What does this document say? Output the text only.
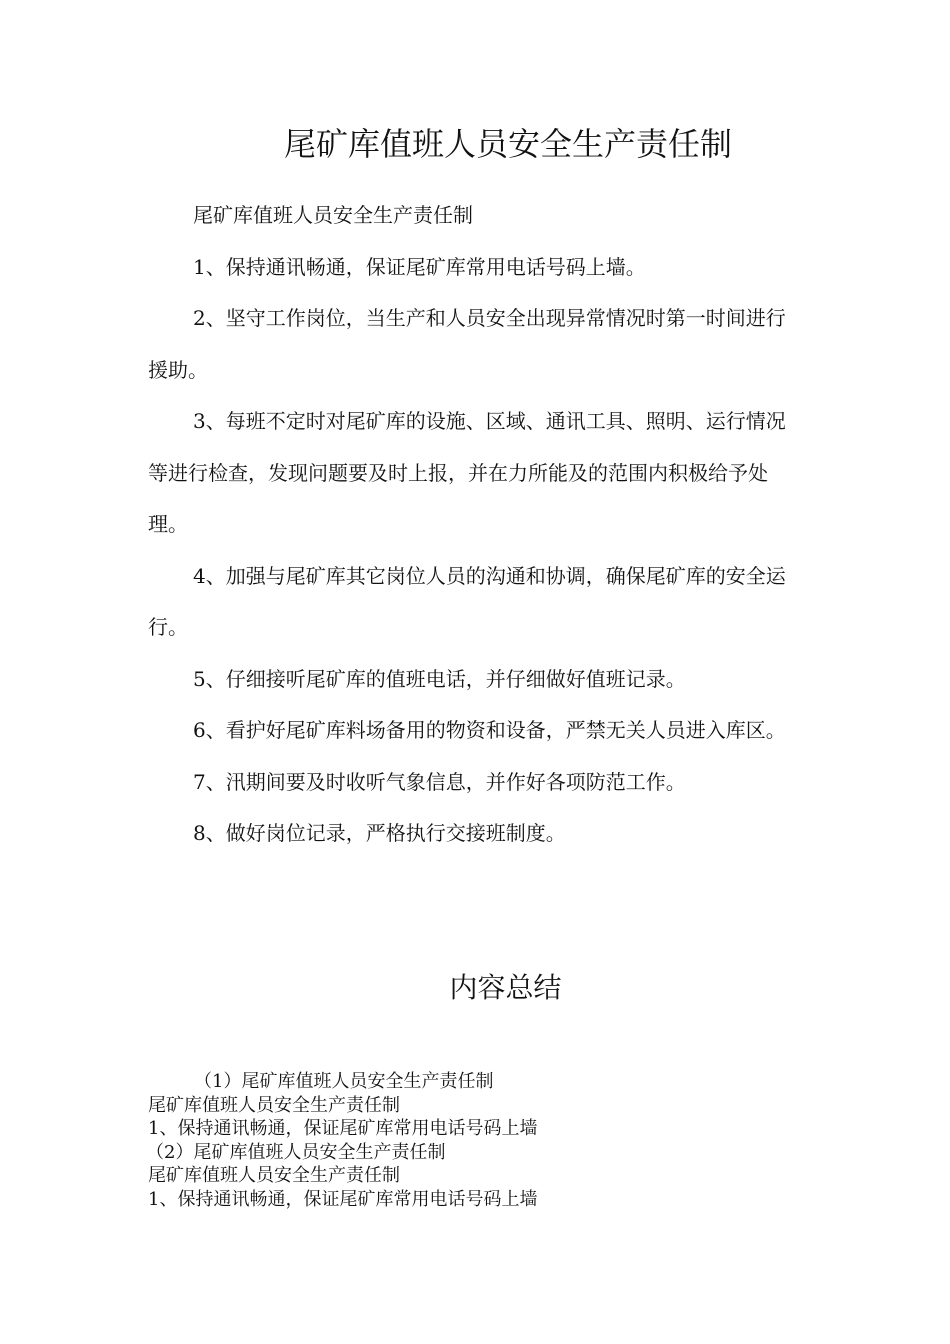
尾矿库值班人员安全生产责任制

尾矿库值班人员安全生产责任制

1、保持通讯畅通，保证尾矿库常用电话号码上墙。

2、坚守工作岗位，当生产和人员安全出现异常情况时第一时间进行援助。

3、每班不定时对尾矿库的设施、区域、通讯工具、照明、运行情况等进行检查，发现问题要及时上报，并在力所能及的范围内积极给予处理。

4、加强与尾矿库其它岗位人员的沟通和协调，确保尾矿库的安全运行。

5、仔细接听尾矿库的值班电话，并仔细做好值班记录。

6、看护好尾矿库料场备用的物资和设备，严禁无关人员进入库区。

7、汛期间要及时收听气象信息，并作好各项防范工作。

8、做好岗位记录，严格执行交接班制度。

内容总结
（1）尾矿库值班人员安全生产责任制
尾矿库值班人员安全生产责任制
1、保持通讯畅通，保证尾矿库常用电话号码上墙
（2）尾矿库值班人员安全生产责任制
尾矿库值班人员安全生产责任制
1、保持通讯畅通，保证尾矿库常用电话号码上墙
